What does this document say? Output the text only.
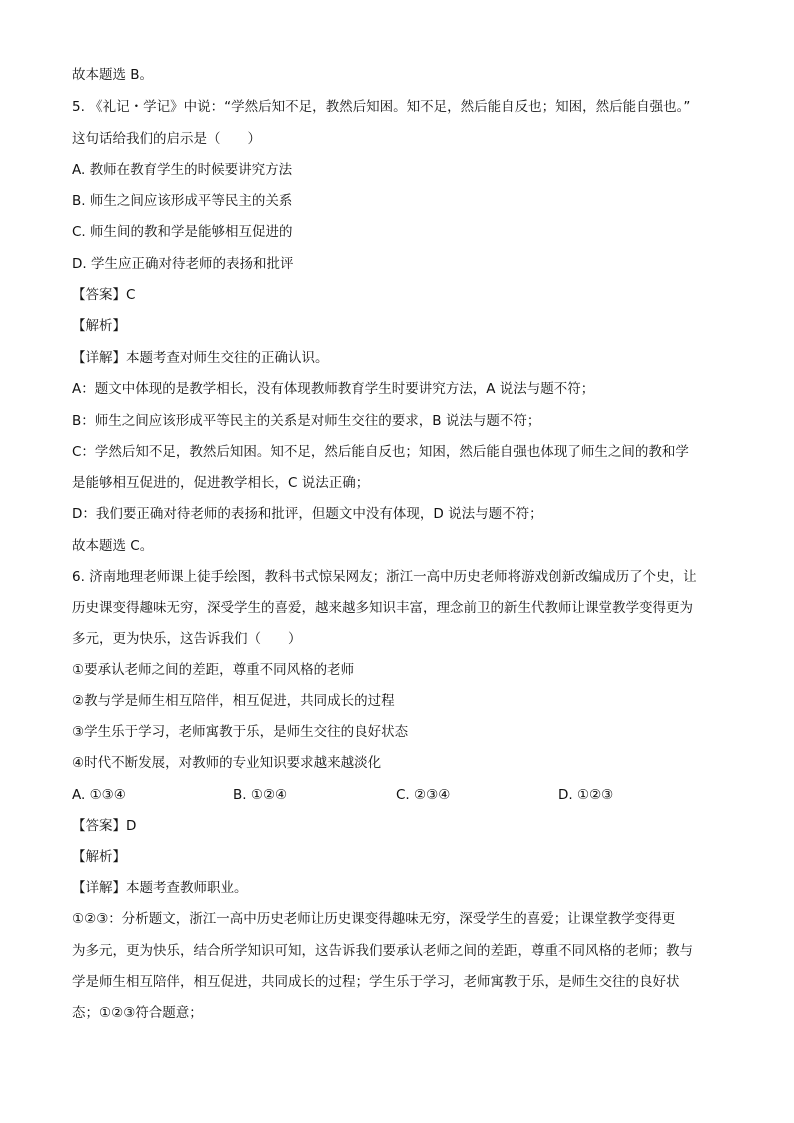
故本题选 B。
5. 《礼记・学记》中说：“学然后知不足，教然后知困。知不足，然后能自反也；知困，然后能自强也。”
这句话给我们的启示是（　　）
A. 教师在教育学生的时候要讲究方法
B. 师生之间应该形成平等民主的关系
C. 师生间的教和学是能够相互促进的
D. 学生应正确对待老师的表扬和批评
【答案】C
【解析】
【详解】本题考查对师生交往的正确认识。
A：题文中体现的是教学相长，没有体现教师教育学生时要讲究方法，A 说法与题不符；
B：师生之间应该形成平等民主的关系是对师生交往的要求，B 说法与题不符；
C：学然后知不足，教然后知困。知不足，然后能自反也；知困，然后能自强也体现了师生之间的教和学
是能够相互促进的，促进教学相长，C 说法正确；
D：我们要正确对待老师的表扬和批评，但题文中没有体现，D 说法与题不符；
故本题选 C。
6. 济南地理老师课上徒手绘图，教科书式惊呆网友；浙江一高中历史老师将游戏创新改编成历了个史，让
历史课变得趣味无穷，深受学生的喜爱，越来越多知识丰富，理念前卫的新生代教师让课堂教学变得更为
多元，更为快乐，这告诉我们（　　）
①要承认老师之间的差距，尊重不同风格的老师
②教与学是师生相互陪伴，相互促进，共同成长的过程
③学生乐于学习，老师寓教于乐，是师生交往的良好状态
④时代不断发展，对教师的专业知识要求越来越淡化
A. ①③④	B. ①②④	C. ②③④	D. ①②③
【答案】D
【解析】
【详解】本题考查教师职业。
①②③：分析题文，浙江一高中历史老师让历史课变得趣味无穷，深受学生的喜爱；让课堂教学变得更
为多元，更为快乐，结合所学知识可知，这告诉我们要承认老师之间的差距，尊重不同风格的老师；教与
学是师生相互陪伴，相互促进，共同成长的过程；学生乐于学习，老师寓教于乐，是师生交往的良好状
态；①②③符合题意；
